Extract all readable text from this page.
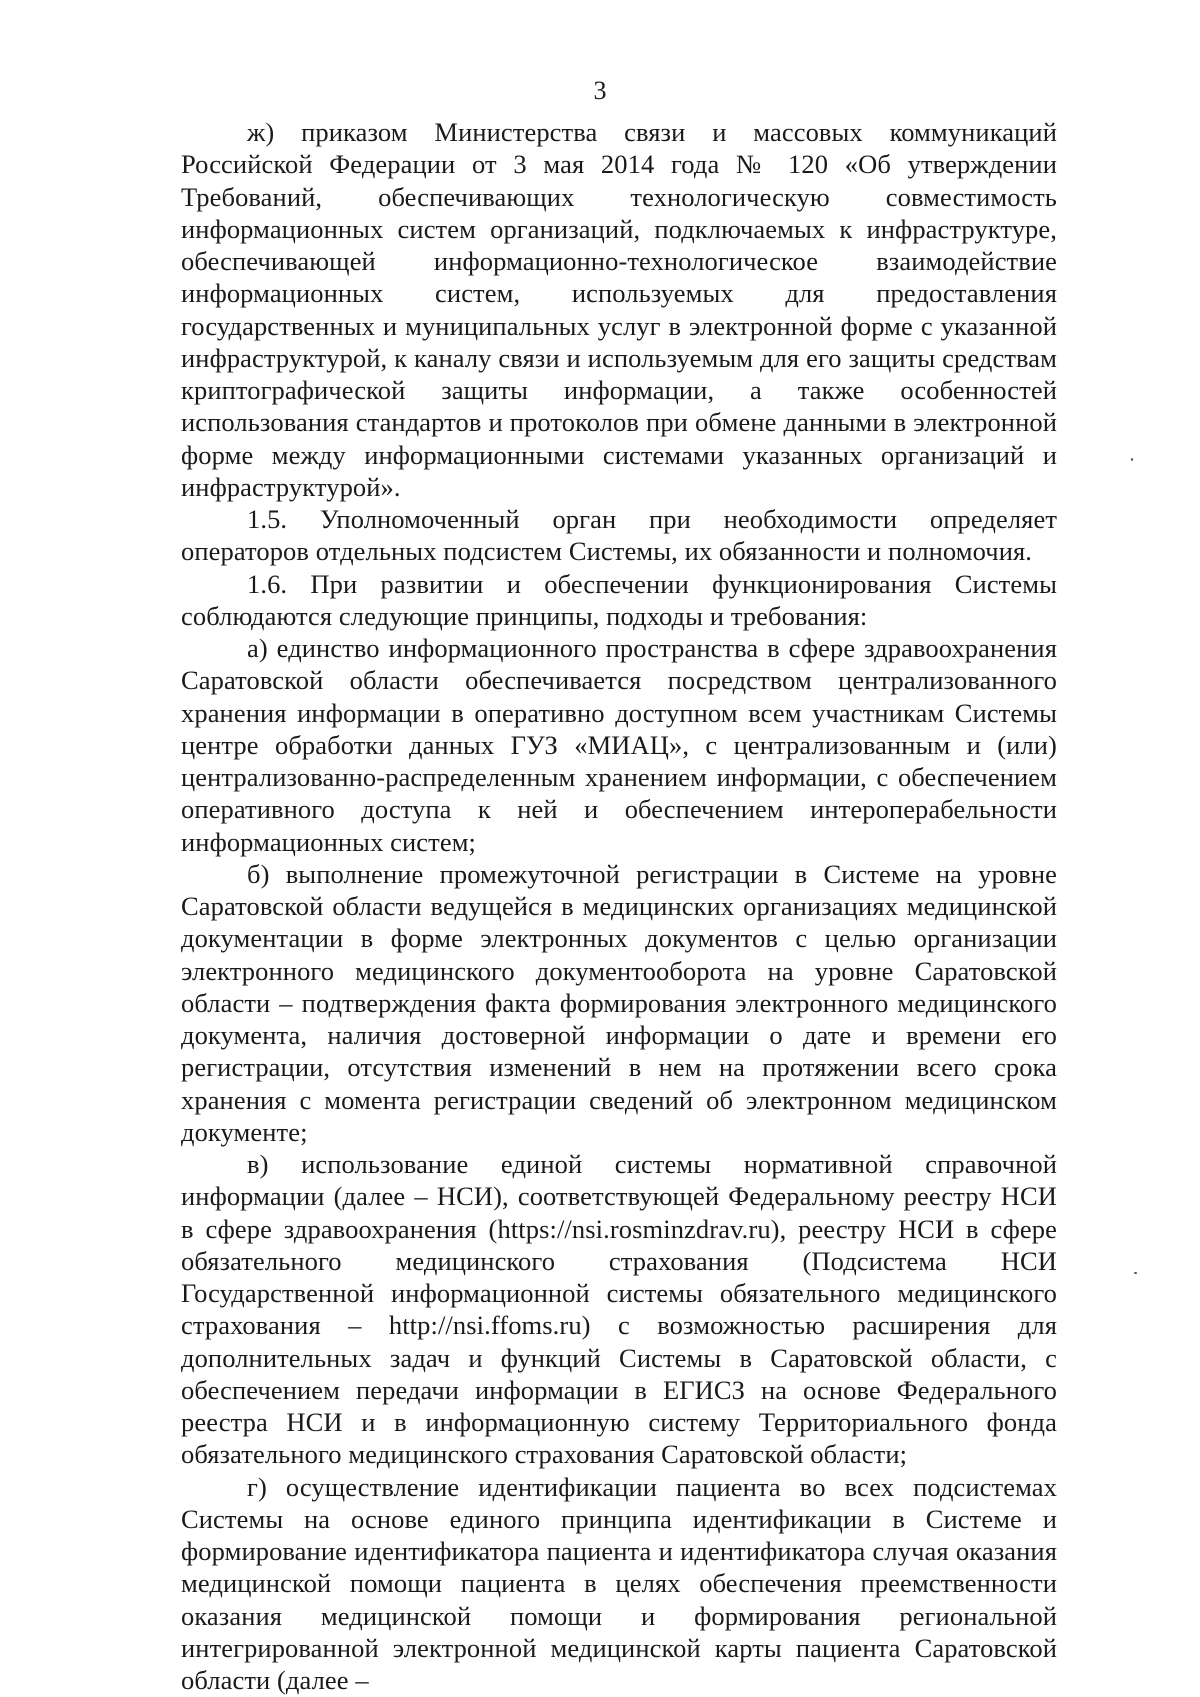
3

ж) приказом Министерства связи и массовых коммуникаций Российской Федерации от 3 мая 2014 года № 120 «Об утверждении Требований, обеспечивающих технологическую совместимость информационных систем организаций, подключаемых к инфраструктуре, обеспечивающей информационно-технологическое взаимодействие информационных систем, используемых для предоставления государственных и муниципальных услуг в электронной форме с указанной инфраструктурой, к каналу связи и используемым для его защиты средствам криптографической защиты информации, а также особенностей использования стандартов и протоколов при обмене данными в электронной форме между информационными системами указанных организаций и инфраструктурой».

1.5. Уполномоченный орган при необходимости определяет операторов отдельных подсистем Системы, их обязанности и полномочия.

1.6. При развитии и обеспечении функционирования Системы соблюдаются следующие принципы, подходы и требования:

а) единство информационного пространства в сфере здравоохранения Саратовской области обеспечивается посредством централизованного хранения информации в оперативно доступном всем участникам Системы центре обработки данных ГУЗ «МИАЦ», с централизованным и (или) централизованно-распределенным хранением информации, с обеспечением оперативного доступа к ней и обеспечением интероперабельности информационных систем;

б) выполнение промежуточной регистрации в Системе на уровне Саратовской области ведущейся в медицинских организациях медицинской документации в форме электронных документов с целью организации электронного медицинского документооборота на уровне Саратовской области – подтверждения факта формирования электронного медицинского документа, наличия достоверной информации о дате и времени его регистрации, отсутствия изменений в нем на протяжении всего срока хранения с момента регистрации сведений об электронном медицинском документе;

в) использование единой системы нормативной справочной информации (далее – НСИ), соответствующей Федеральному реестру НСИ в сфере здравоохранения (https://nsi.rosminzdrav.ru), реестру НСИ в сфере обязательного медицинского страхования (Подсистема НСИ Государственной информационной системы обязательного медицинского страхования – http://nsi.ffoms.ru) с возможностью расширения для дополнительных задач и функций Системы в Саратовской области, с обеспечением передачи информации в ЕГИСЗ на основе Федерального реестра НСИ и в информационную систему Территориального фонда обязательного медицинского страхования Саратовской области;

г) осуществление идентификации пациента во всех подсистемах Системы на основе единого принципа идентификации в Системе и формирование идентификатора пациента и идентификатора случая оказания медицинской помощи пациента в целях обеспечения преемственности оказания медицинской помощи и формирования региональной интегрированной электронной медицинской карты пациента Саратовской области (далее –
